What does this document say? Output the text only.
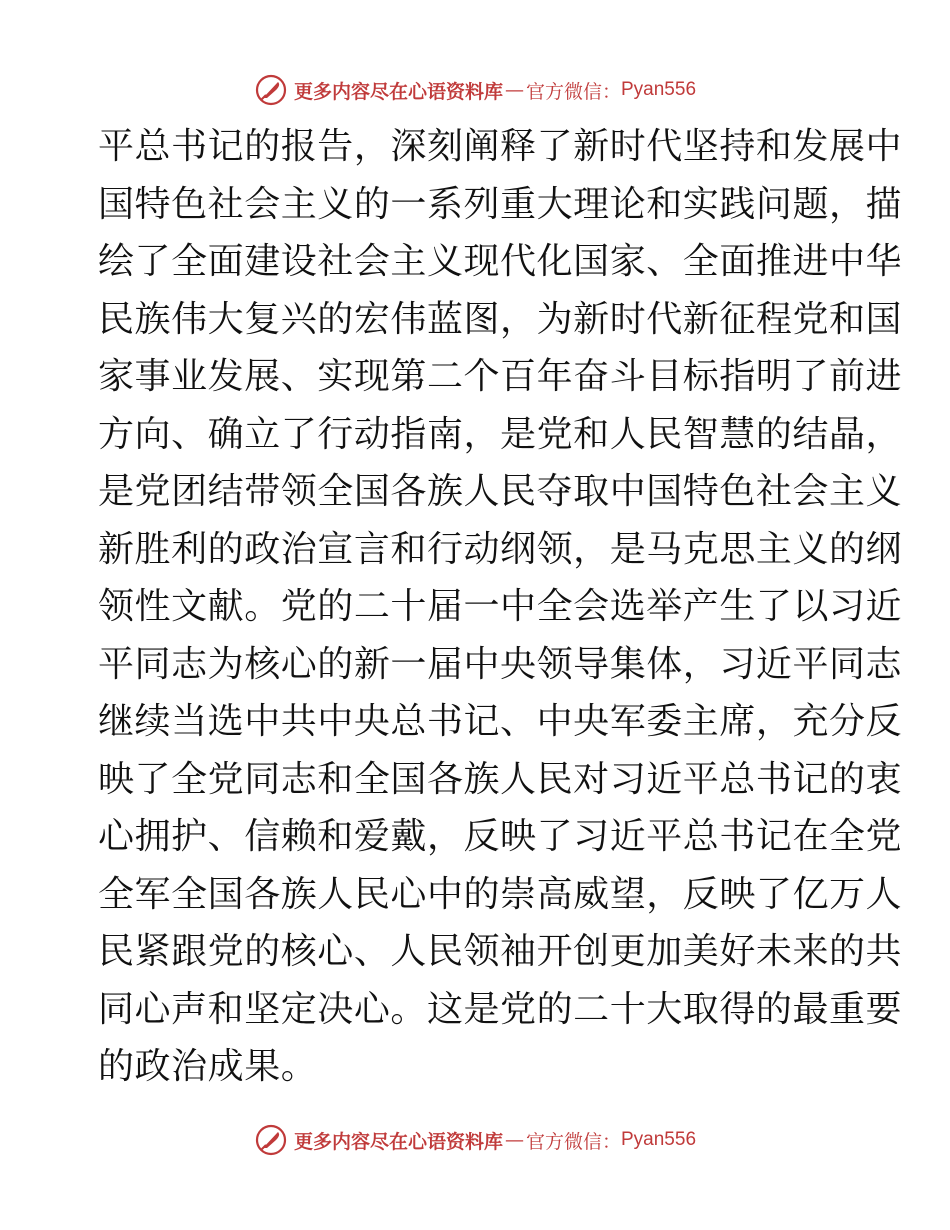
更多内容尽在心语资料库 — 官方微信： Pyan556
平总书记的报告，深刻阐释了新时代坚持和发展中
国特色社会主义的一系列重大理论和实践问题，描
绘了全面建设社会主义现代化国家、全面推进中华
民族伟大复兴的宏伟蓝图，为新时代新征程党和国
家事业发展、实现第二个百年奋斗目标指明了前进
方向、确立了行动指南，是党和人民智慧的结晶，
是党团结带领全国各族人民夺取中国特色社会主义
新胜利的政治宣言和行动纲领，是马克思主义的纲
领性文献。党的二十届一中全会选举产生了以习近
平同志为核心的新一届中央领导集体，习近平同志
继续当选中共中央总书记、中央军委主席，充分反
映了全党同志和全国各族人民对习近平总书记的衷
心拥护、信赖和爱戴，反映了习近平总书记在全党
全军全国各族人民心中的崇高威望，反映了亿万人
民紧跟党的核心、人民领袖开创更加美好未来的共
同心声和坚定决心。这是党的二十大取得的最重要
的政治成果。
更多内容尽在心语资料库 — 官方微信： Pyan556
